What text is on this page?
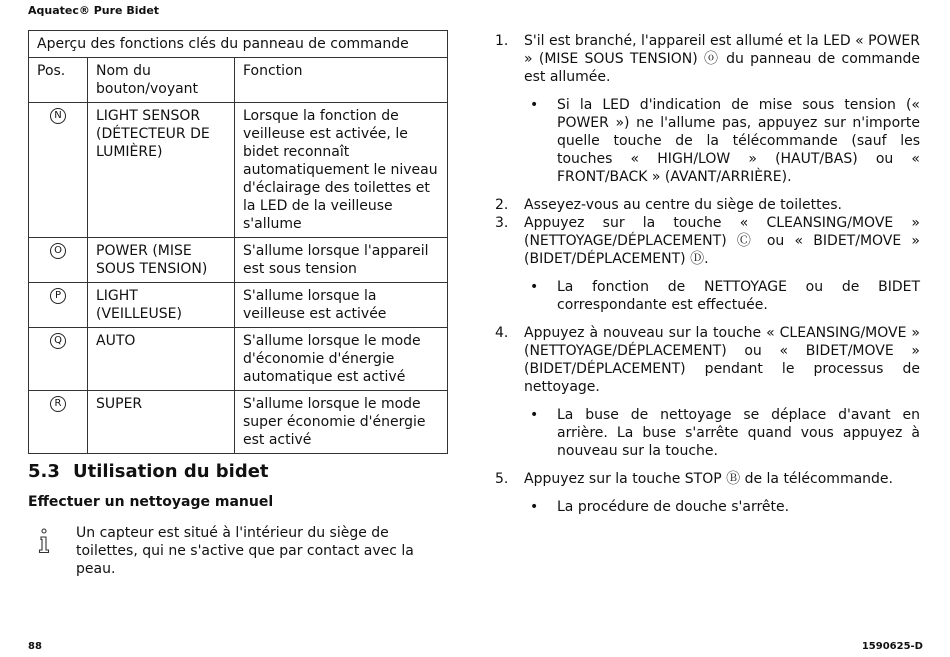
Aquatec® Pure Bidet
Aperçu des fonctions clés du panneau de commande		
Pos.	Nom du bouton/voyant	Fonction
N	LIGHT SENSOR (DÉTECTEUR DE LUMIÈRE)	Lorsque la fonction de veilleuse est activée, le bidet reconnaît automatiquement le niveau d'éclairage des toilettes et la LED de la veilleuse s'allume
O	POWER (MISE SOUS TENSION)	S'allume lorsque l'appareil est sous tension
P	LIGHT (VEILLEUSE)	S'allume lorsque la veilleuse est activée
Q	AUTO	S'allume lorsque le mode d'économie d'énergie automatique est activé
R	SUPER	S'allume lorsque le mode super économie d'énergie est activé
5.3 Utilisation du bidet
Effectuer un nettoyage manuel
Un capteur est situé à l'intérieur du siège de toilettes, qui ne s'active que par contact avec la peau.
1. S'il est branché, l'appareil est allumé et la LED « POWER » (MISE SOUS TENSION) ⓞ du panneau de commande est allumée.
• Si la LED d'indication de mise sous tension (« POWER ») ne l'allume pas, appuyez sur n'importe quelle touche de la télécommande (sauf les touches « HIGH/LOW » (HAUT/BAS) ou « FRONT/BACK » (AVANT/ARRIÈRE).
2. Asseyez-vous au centre du siège de toilettes.
3. Appuyez sur la touche « CLEANSING/MOVE » (NETTOYAGE/DÉPLACEMENT) Ⓒ ou « BIDET/MOVE » (BIDET/DÉPLACEMENT) Ⓓ.
• La fonction de NETTOYAGE ou de BIDET correspondante est effectuée.
4. Appuyez à nouveau sur la touche « CLEANSING/MOVE » (NETTOYAGE/DÉPLACEMENT) ou « BIDET/MOVE » (BIDET/DÉPLACEMENT) pendant le processus de nettoyage.
• La buse de nettoyage se déplace d'avant en arrière. La buse s'arrête quand vous appuyez à nouveau sur la touche.
5. Appuyez sur la touche STOP Ⓑ de la télécommande.
• La procédure de douche s'arrête.
88	1590625-D
